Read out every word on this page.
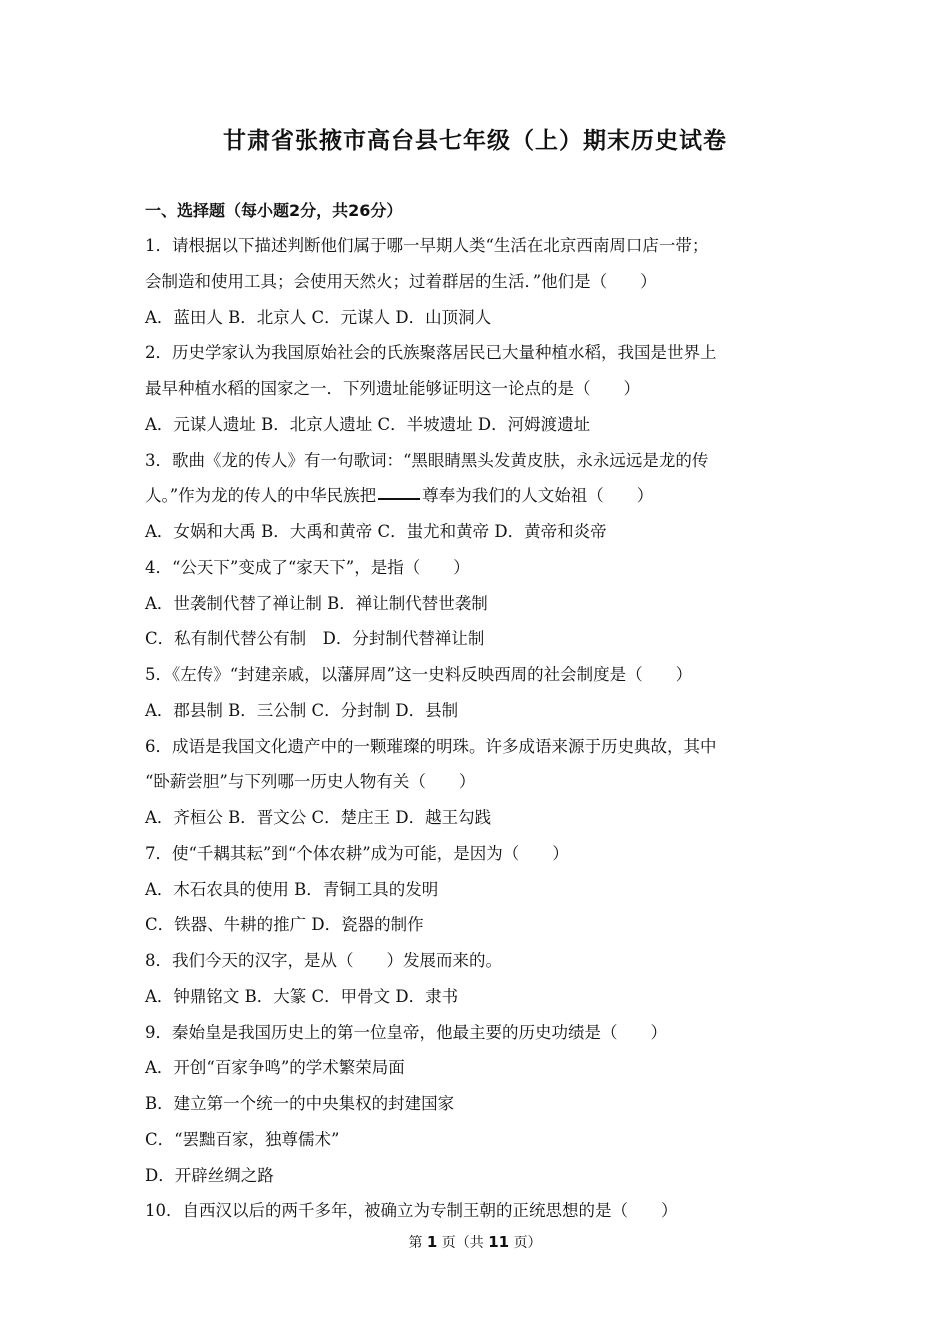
甘肃省张掖市高台县七年级（上）期末历史试卷
一、选择题（每小题2分，共26分）
1．请根据以下描述判断他们属于哪一早期人类“生活在北京西南周口店一带；
会制造和使用工具；会使用天然火；过着群居的生活．”他们是（　　）
A．蓝田人 B．北京人 C．元谋人 D．山顶洞人
2．历史学家认为我国原始社会的氏族聚落居民已大量种植水稻，我国是世界上
最早种植水稻的国家之一．下列遗址能够证明这一论点的是（　　）
A．元谋人遗址 B．北京人遗址 C．半坡遗址 D．河姆渡遗址
3．歌曲《龙的传人》有一句歌词：“黑眼睛黑头发黄皮肤，永永远远是龙的传
人。”作为龙的传人的中华民族把	尊奉为我们的人文始祖（　　）
A．女娲和大禹 B．大禹和黄帝 C．蚩尤和黄帝 D．黄帝和炎帝
4．“公天下”变成了“家天下”，是指（　　）
A．世袭制代替了禅让制 B．禅让制代替世袭制
C．私有制代替公有制　D．分封制代替禅让制
5．《左传》“封建亲戚，以藩屏周”这一史料反映西周的社会制度是（　　）
A．郡县制 B．三公制 C．分封制 D．县制
6．成语是我国文化遗产中的一颗璀璨的明珠。许多成语来源于历史典故，其中
“卧薪尝胆”与下列哪一历史人物有关（　　）
A．齐桓公 B．晋文公 C．楚庄王 D．越王勾践
7．使“千耦其耘”到“个体农耕”成为可能，是因为（　　）
A．木石农具的使用 B．青铜工具的发明
C．铁器、牛耕的推广 D．瓷器的制作
8．我们今天的汉字，是从（　　）发展而来的。
A．钟鼎铭文 B．大篆 C．甲骨文 D．隶书
9．秦始皇是我国历史上的第一位皇帝，他最主要的历史功绩是（　　）
A．开创“百家争鸣”的学术繁荣局面
B．建立第一个统一的中央集权的封建国家
C．“罢黜百家，独尊儒术”
D．开辟丝绸之路
10．自西汉以后的两千多年，被确立为专制王朝的正统思想的是（　　）
第 1 页（共 11 页）
